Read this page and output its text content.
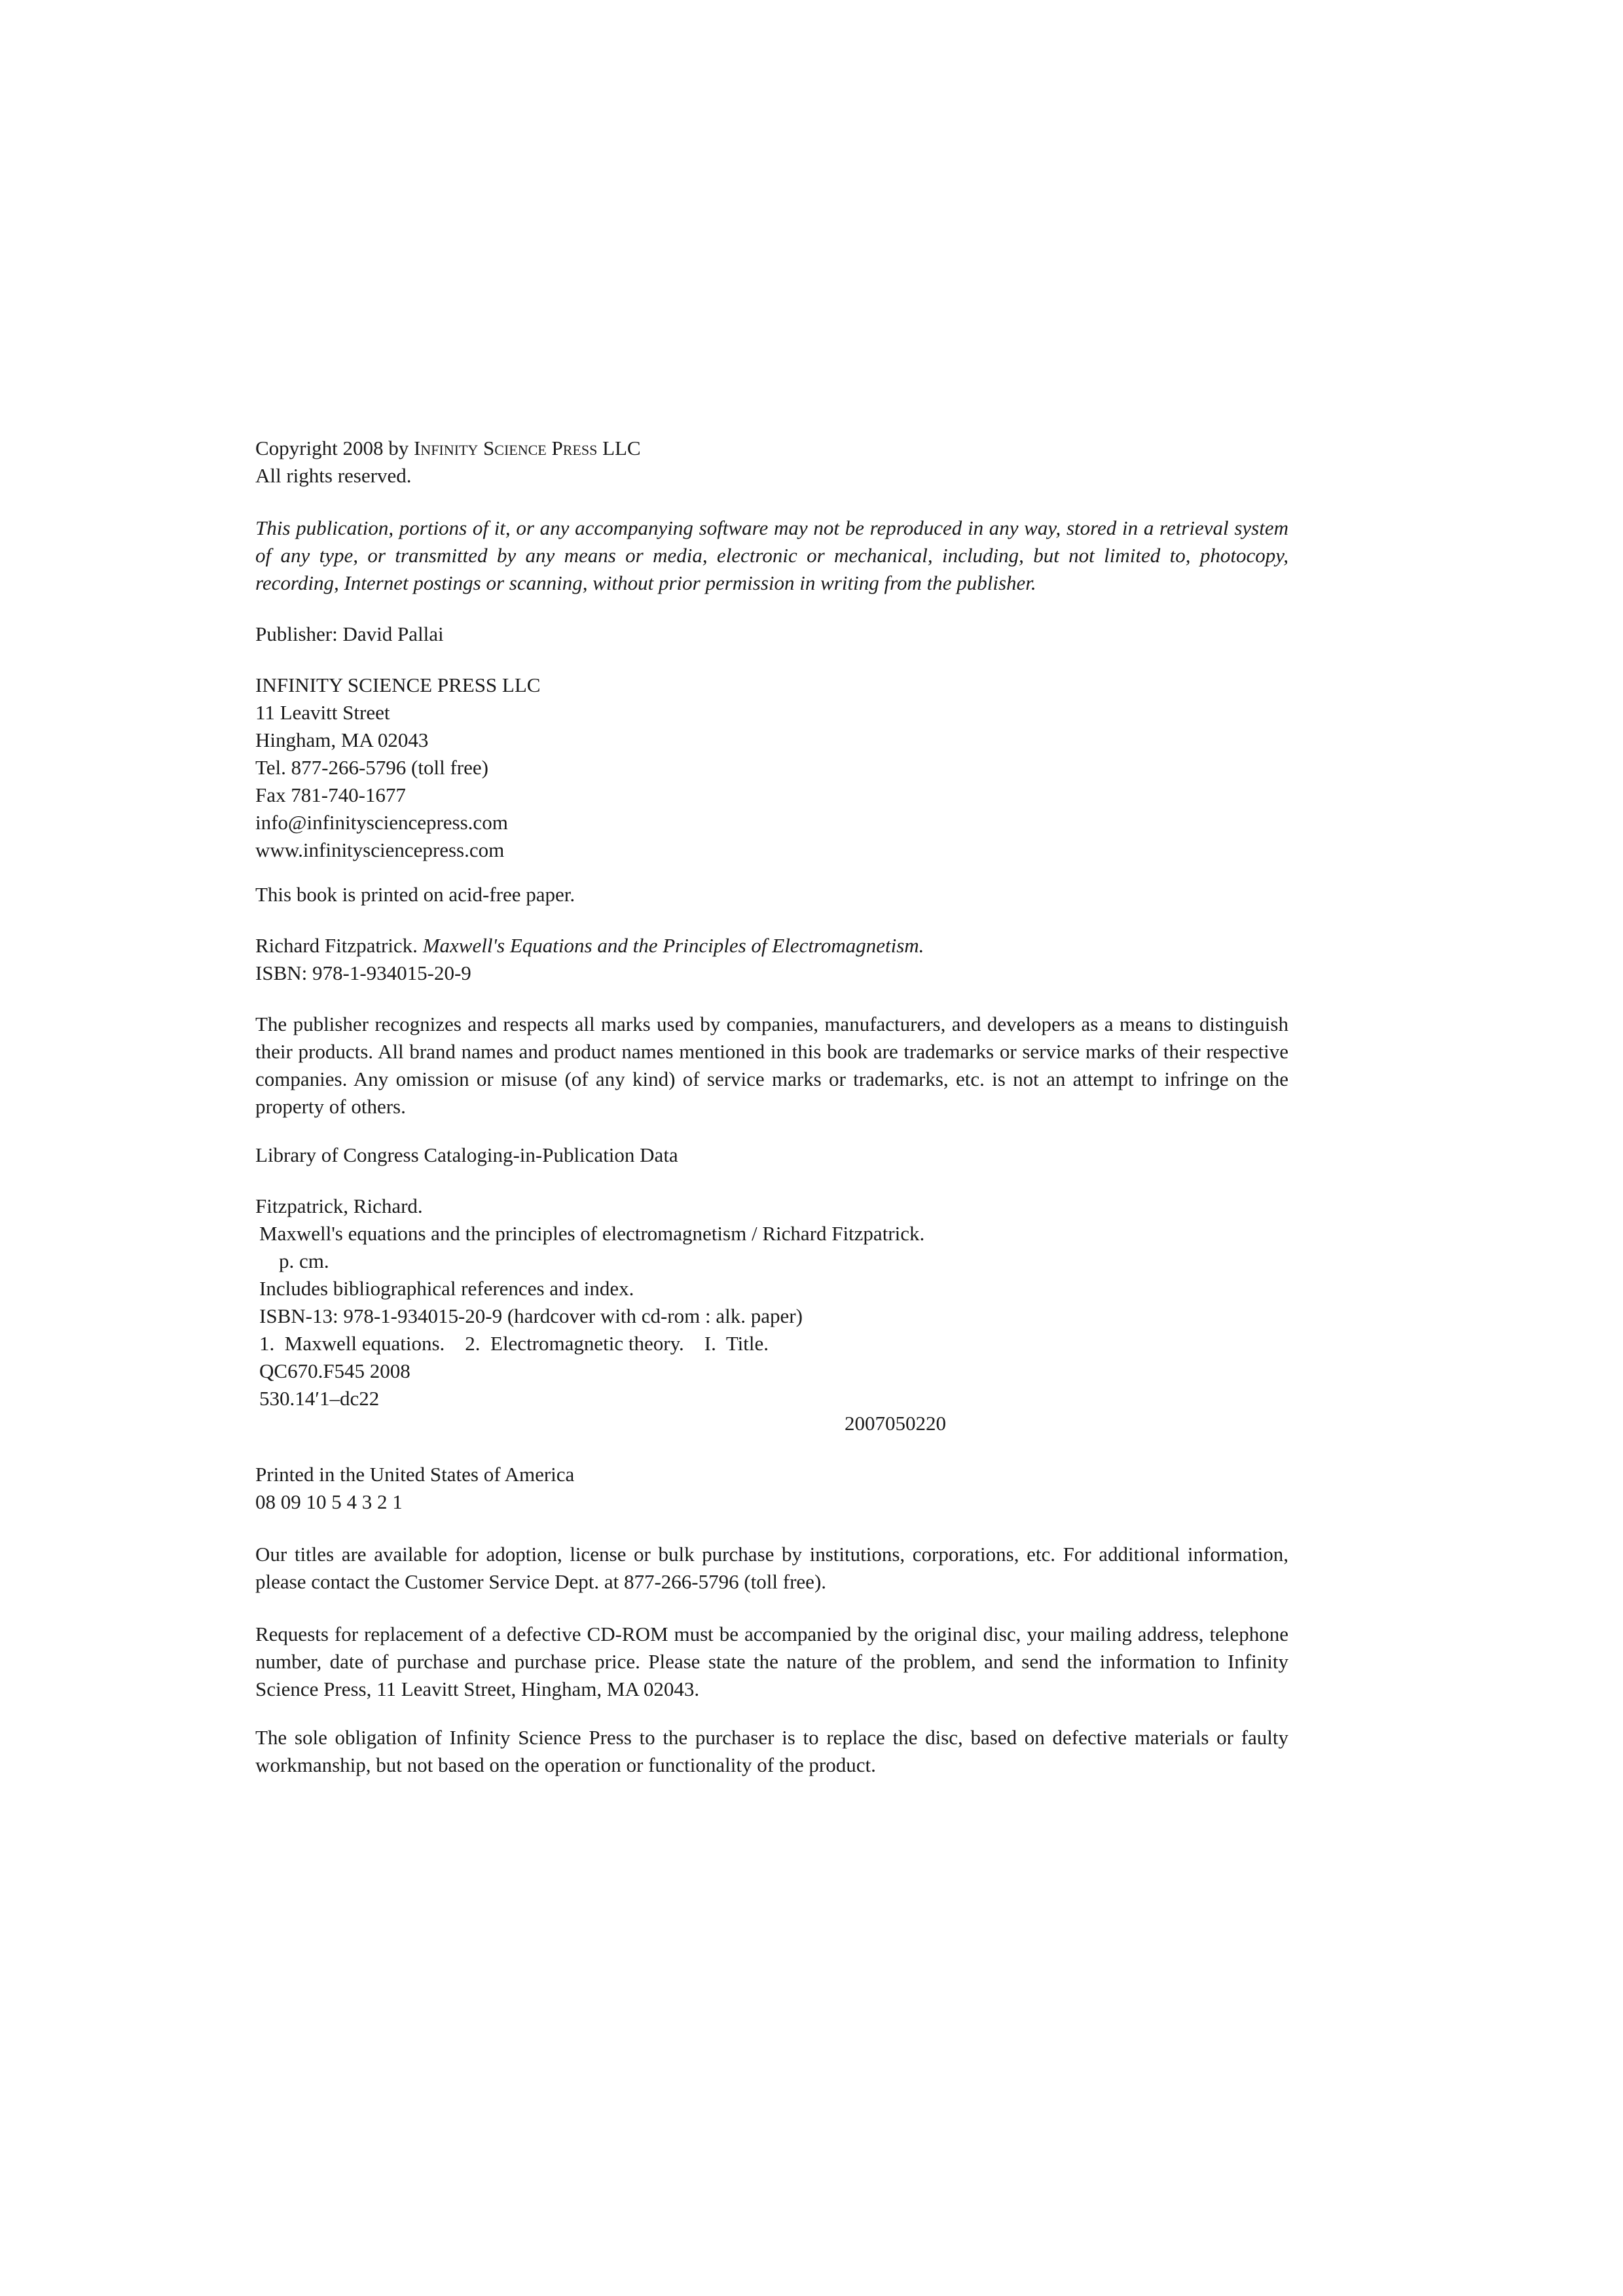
Copyright 2008 by Infinity Science Press LLC
All rights reserved.
This publication, portions of it, or any accompanying software may not be reproduced in any way, stored in a retrieval system of any type, or transmitted by any means or media, electronic or mechanical, including, but not limited to, photocopy, recording, Internet postings or scanning, without prior permission in writing from the publisher.
Publisher: David Pallai
INFINITY SCIENCE PRESS LLC
11 Leavitt Street
Hingham, MA 02043
Tel. 877-266-5796 (toll free)
Fax 781-740-1677
info@infinitysciencepress.com
www.infinitysciencepress.com
This book is printed on acid-free paper.
Richard Fitzpatrick. Maxwell's Equations and the Principles of Electromagnetism.
ISBN: 978-1-934015-20-9
The publisher recognizes and respects all marks used by companies, manufacturers, and developers as a means to distinguish their products. All brand names and product names mentioned in this book are trademarks or service marks of their respective companies. Any omission or misuse (of any kind) of service marks or trademarks, etc. is not an attempt to infringe on the property of others.
Library of Congress Cataloging-in-Publication Data
Fitzpatrick, Richard.
Maxwell's equations and the principles of electromagnetism / Richard Fitzpatrick.
p. cm.
Includes bibliographical references and index.
ISBN-13: 978-1-934015-20-9 (hardcover with cd-rom : alk. paper)
1.  Maxwell equations.    2.  Electromagnetic theory.    I.  Title.
QC670.F545 2008
530.14′1–dc22
2007050220
Printed in the United States of America
08 09 10 5 4 3 2 1
Our titles are available for adoption, license or bulk purchase by institutions, corporations, etc. For additional information, please contact the Customer Service Dept. at 877-266-5796 (toll free).
Requests for replacement of a defective CD-ROM must be accompanied by the original disc, your mailing address, telephone number, date of purchase and purchase price. Please state the nature of the problem, and send the information to Infinity Science Press, 11 Leavitt Street, Hingham, MA 02043.
The sole obligation of Infinity Science Press to the purchaser is to replace the disc, based on defective materials or faulty workmanship, but not based on the operation or functionality of the product.
